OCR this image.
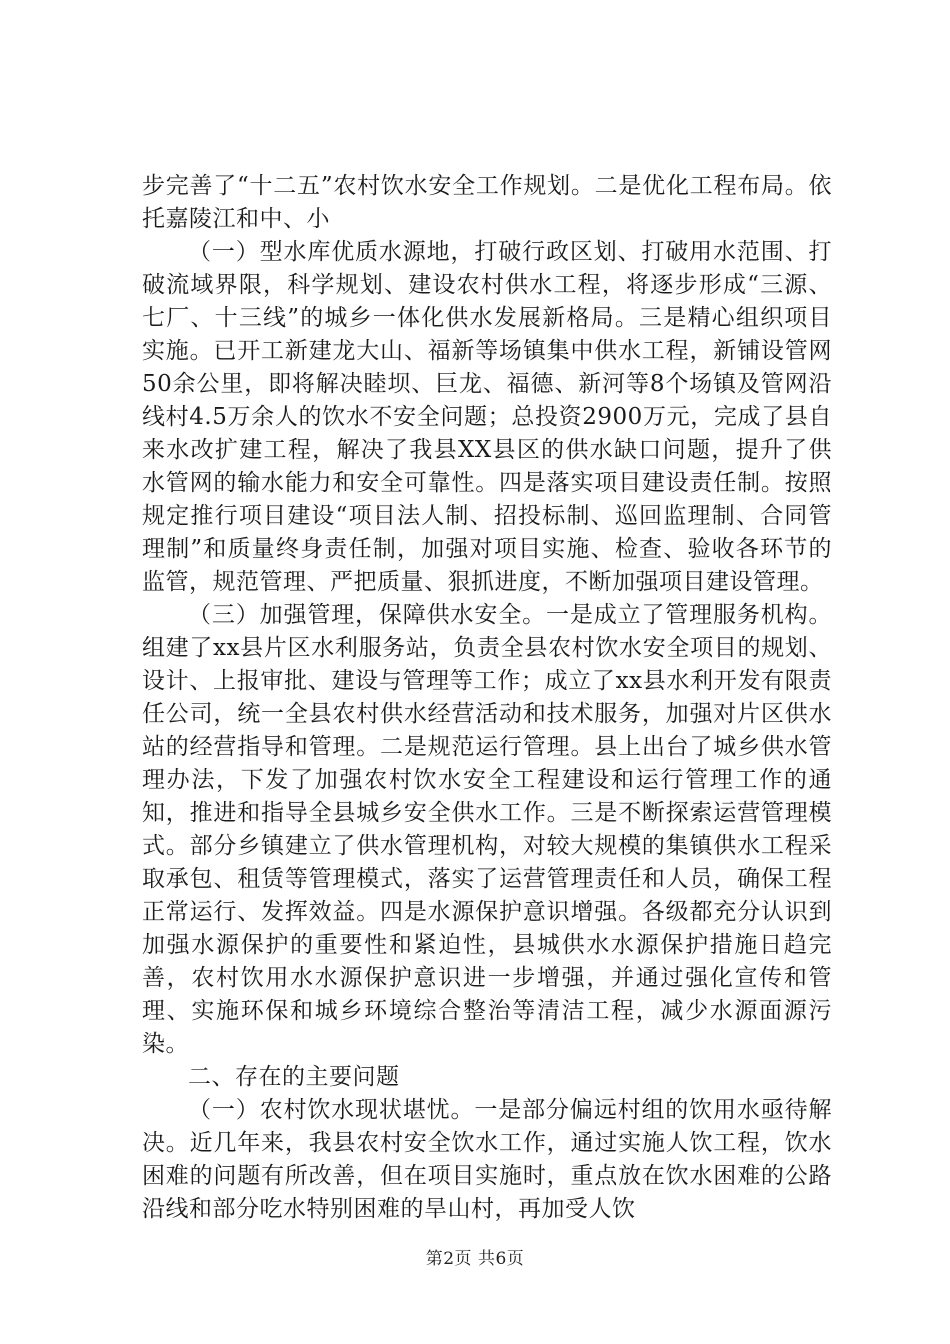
步完善了“十二五”农村饮水安全工作规划。二是优化工程布局。依托嘉陵江和中、小

（一）型水库优质水源地，打破行政区划、打破用水范围、打破流域界限，科学规划、建设农村供水工程，将逐步形成“三源、七厂、十三线”的城乡一体化供水发展新格局。三是精心组织项目实施。已开工新建龙大山、福新等场镇集中供水工程，新铺设管网50余公里，即将解决睦坝、巨龙、福德、新河等8个场镇及管网沿线村4.5万余人的饮水不安全问题；总投资2900万元，完成了县自来水改扩建工程，解决了我县XX县区的供水缺口问题，提升了供水管网的输水能力和安全可靠性。四是落实项目建设责任制。按照规定推行项目建设“项目法人制、招投标制、巡回监理制、合同管理制”和质量终身责任制，加强对项目实施、检查、验收各环节的监管，规范管理、严把质量、狠抓进度，不断加强项目建设管理。

（三）加强管理，保障供水安全。一是成立了管理服务机构。组建了xx县片区水利服务站，负责全县农村饮水安全项目的规划、设计、上报审批、建设与管理等工作；成立了xx县水利开发有限责任公司，统一全县农村供水经营活动和技术服务，加强对片区供水站的经营指导和管理。二是规范运行管理。县上出台了城乡供水管理办法，下发了加强农村饮水安全工程建设和运行管理工作的通知，推进和指导全县城乡安全供水工作。三是不断探索运营管理模式。部分乡镇建立了供水管理机构，对较大规模的集镇供水工程采取承包、租赁等管理模式，落实了运营管理责任和人员，确保工程正常运行、发挥效益。四是水源保护意识增强。各级都充分认识到加强水源保护的重要性和紧迫性，县城供水水源保护措施日趋完善，农村饮用水水源保护意识进一步增强，并通过强化宣传和管理、实施环保和城乡环境综合整治等清洁工程，减少水源面源污染。

二、存在的主要问题

（一）农村饮水现状堪忧。一是部分偏远村组的饮用水亟待解决。近几年来，我县农村安全饮水工作，通过实施人饮工程，饮水困难的问题有所改善，但在项目实施时，重点放在饮水困难的公路沿线和部分吃水特别困难的旱山村，再加受人饮

第2页 共6页
